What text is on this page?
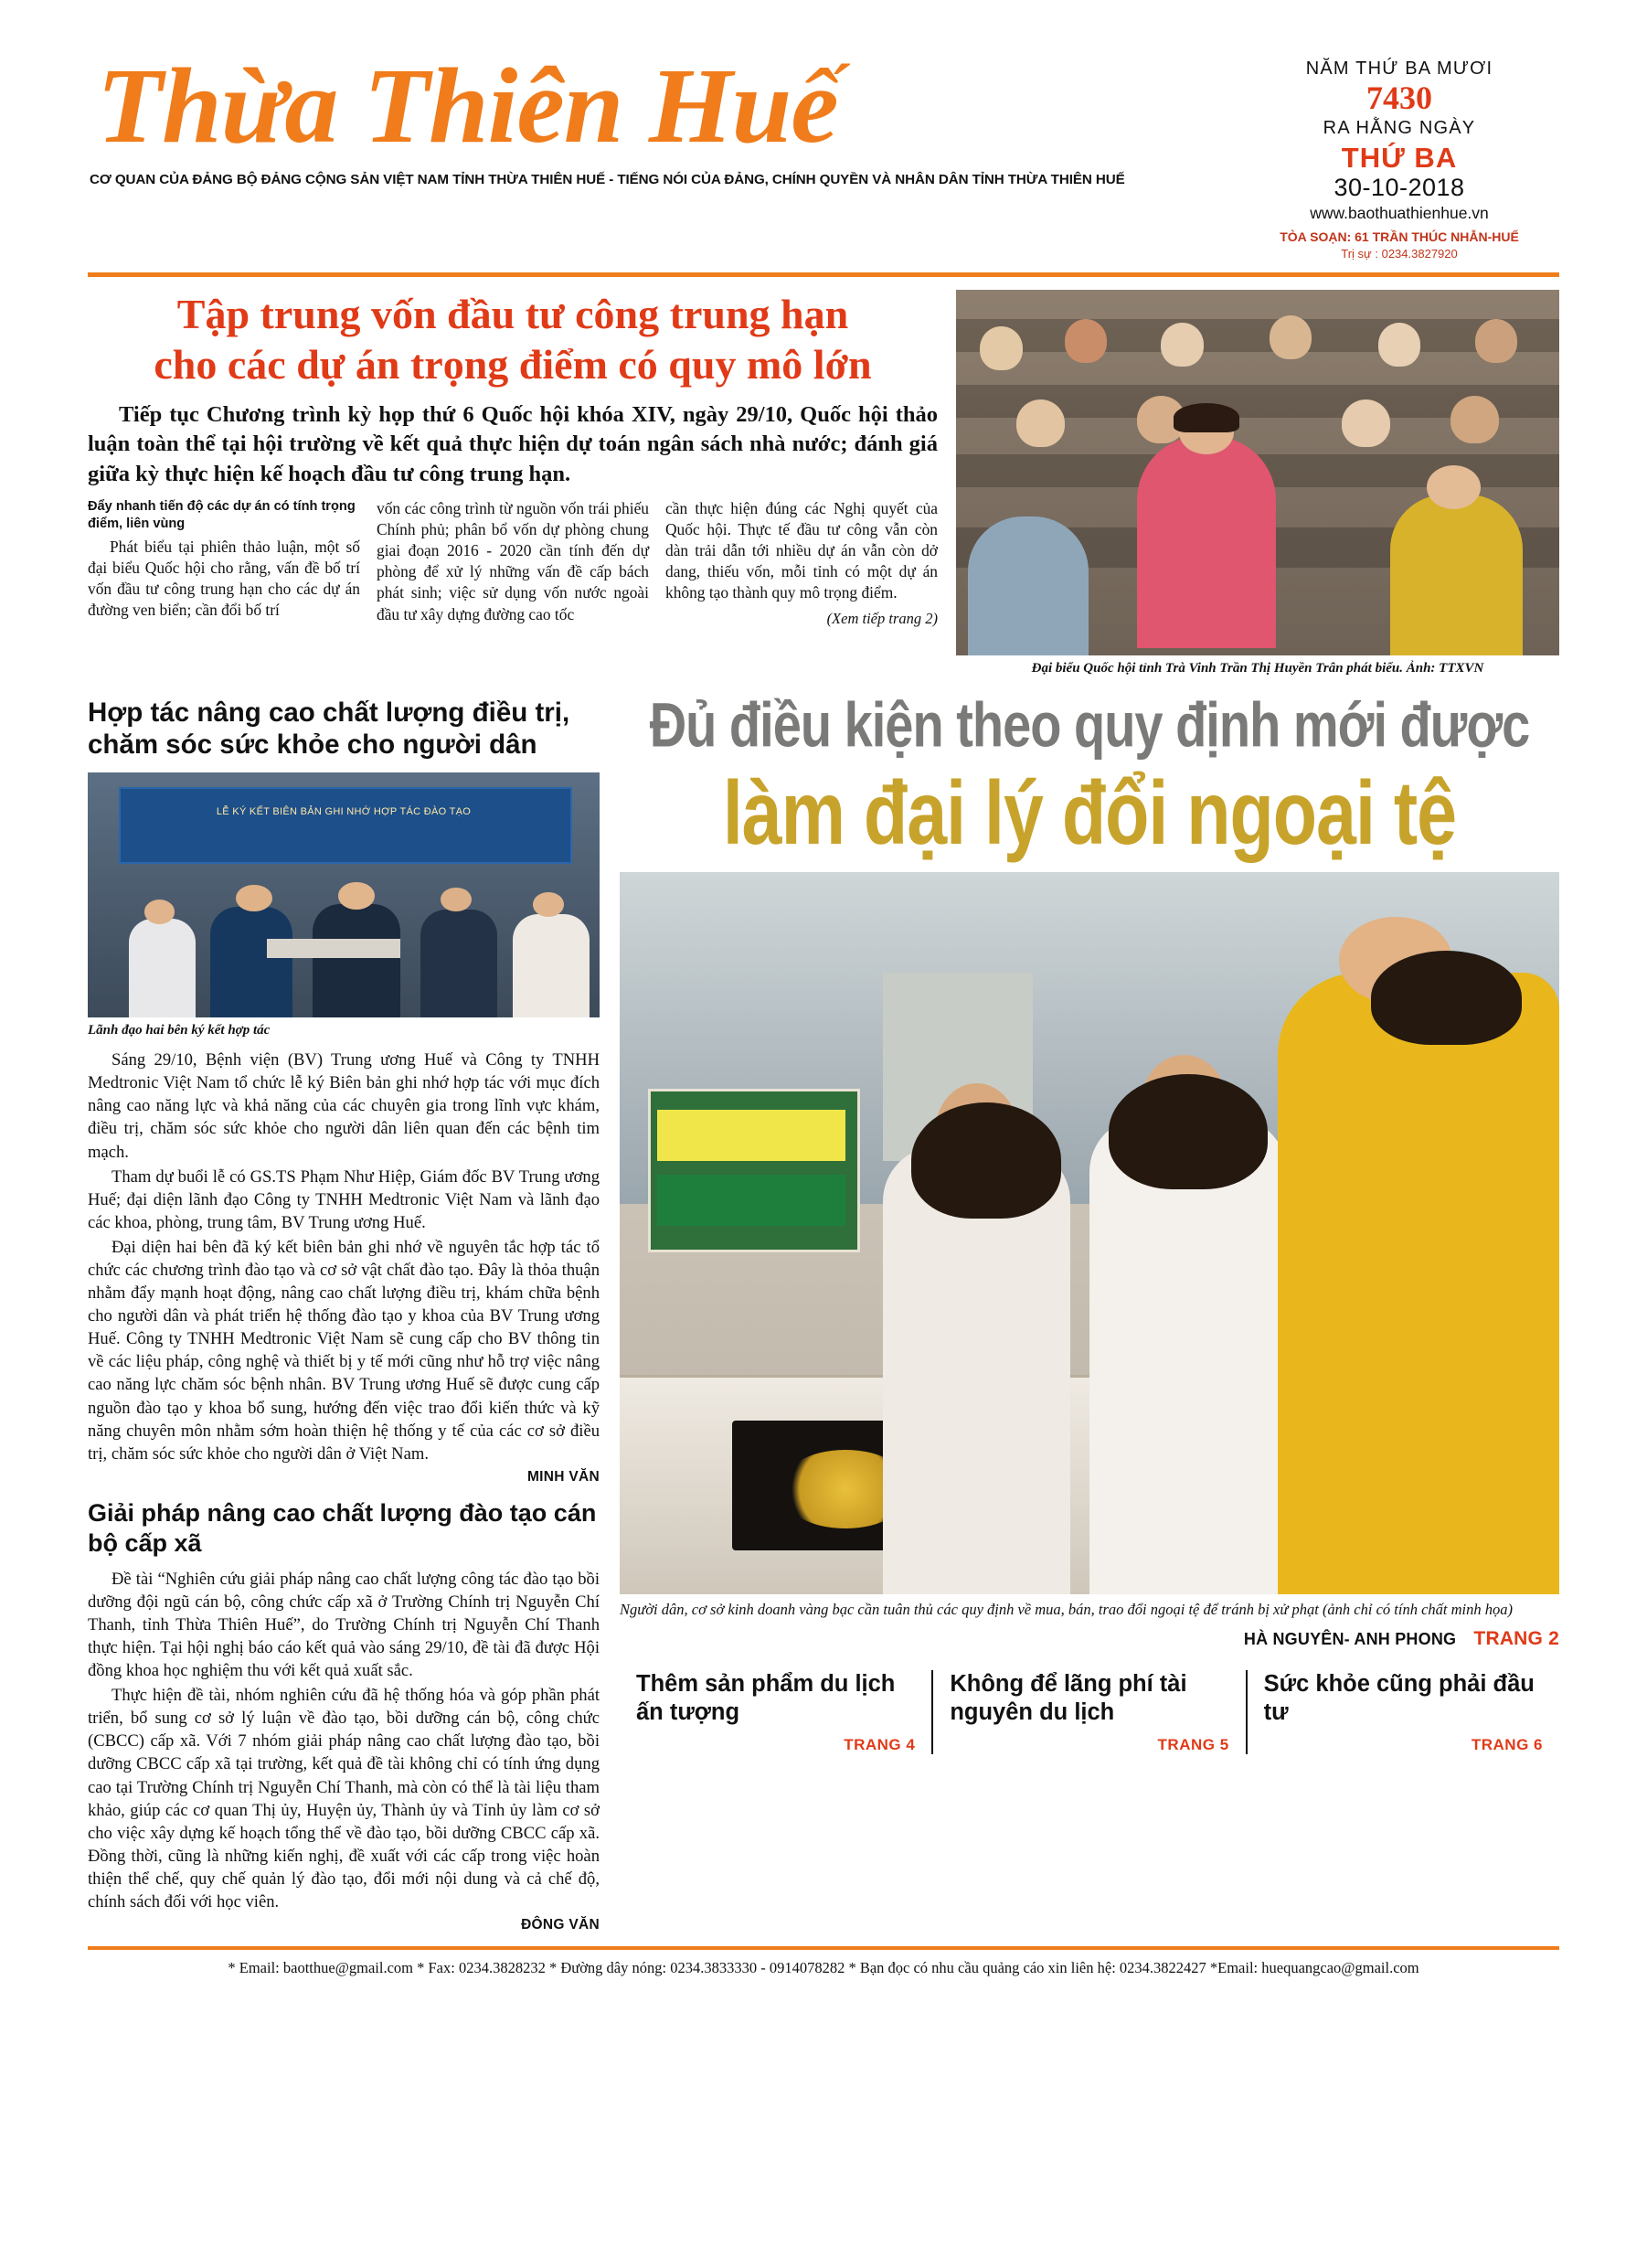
Thừa Thiên Huế
CƠ QUAN CỦA ĐẢNG BỘ ĐẢNG CỘNG SẢN VIỆT NAM TỈNH THỪA THIÊN HUẾ - TIẾNG NÓI CỦA ĐẢNG, CHÍNH QUYỀN VÀ NHÂN DÂN TỈNH THỪA THIÊN HUẾ
NĂM THỨ BA MƯƠI
7430
RA HẰNG NGÀY
THỨ BA
30-10-2018
www.baothuathienhue.vn
TÒA SOẠN: 61 TRẦN THÚC NHẪN-HUẾ
Trị sự : 0234.3827920
Tập trung vốn đầu tư công trung hạn
cho các dự án trọng điểm có quy mô lớn

Tiếp tục Chương trình kỳ họp thứ 6 Quốc hội khóa XIV, ngày 29/10, Quốc hội thảo luận toàn thể tại hội trường về kết quả thực hiện dự toán ngân sách nhà nước; đánh giá giữa kỳ thực hiện kế hoạch đầu tư công trung hạn.

Đẩy nhanh tiến độ các dự án có tính trọng điểm, liên vùng

Phát biểu tại phiên thảo luận, một số đại biểu Quốc hội cho rằng, vấn đề bố trí vốn đầu tư công trung hạn cho các dự án đường ven biển; cần đổi bố trí

vốn các công trình từ nguồn vốn trái phiếu Chính phủ; phân bổ vốn dự phòng chung giai đoạn 2016 - 2020 cần tính đến dự phòng để xử lý những vấn đề cấp bách phát sinh; việc sử dụng vốn nước ngoài đầu tư xây dựng đường cao tốc

cần thực hiện đúng các Nghị quyết của Quốc hội. Thực tế đầu tư công vẫn còn dàn trải dẫn tới nhiều dự án vẫn còn dở dang, thiếu vốn, mỗi tỉnh có một dự án không tạo thành quy mô trọng điểm.

(Xem tiếp trang 2)
Đại biểu Quốc hội tỉnh Trà Vinh Trần Thị Huyền Trân phát biểu. Ảnh: TTXVN
Hợp tác nâng cao chất lượng điều trị, chăm sóc sức khỏe cho người dân
LỄ KÝ KẾT BIÊN BẢN GHI NHỚ HỢP TÁC ĐÀO TẠO
Lãnh đạo hai bên ký kết hợp tác

Sáng 29/10, Bệnh viện (BV) Trung ương Huế và Công ty TNHH Medtronic Việt Nam tổ chức lễ ký Biên bản ghi nhớ hợp tác với mục đích nâng cao năng lực và khả năng của các chuyên gia trong lĩnh vực khám, điều trị, chăm sóc sức khỏe cho người dân liên quan đến các bệnh tim mạch.

Tham dự buổi lễ có GS.TS Phạm Như Hiệp, Giám đốc BV Trung ương Huế; đại diện lãnh đạo Công ty TNHH Medtronic Việt Nam và lãnh đạo các khoa, phòng, trung tâm, BV Trung ương Huế.

Đại diện hai bên đã ký kết biên bản ghi nhớ về nguyên tắc hợp tác tổ chức các chương trình đào tạo và cơ sở vật chất đào tạo. Đây là thỏa thuận nhằm đẩy mạnh hoạt động, nâng cao chất lượng điều trị, khám chữa bệnh cho người dân và phát triển hệ thống đào tạo y khoa của BV Trung ương Huế. Công ty TNHH Medtronic Việt Nam sẽ cung cấp cho BV thông tin về các liệu pháp, công nghệ và thiết bị y tế mới cũng như hỗ trợ việc nâng cao năng lực chăm sóc bệnh nhân. BV Trung ương Huế sẽ được cung cấp nguồn đào tạo y khoa bổ sung, hướng đến việc trao đổi kiến thức và kỹ năng chuyên môn nhằm sớm hoàn thiện hệ thống y tế của các cơ sở điều trị, chăm sóc sức khỏe cho người dân ở Việt Nam.

MINH VĂN
Giải pháp nâng cao chất lượng đào tạo cán bộ cấp xã

Đề tài “Nghiên cứu giải pháp nâng cao chất lượng công tác đào tạo bồi dưỡng đội ngũ cán bộ, công chức cấp xã ở Trường Chính trị Nguyễn Chí Thanh, tỉnh Thừa Thiên Huế”, do Trường Chính trị Nguyễn Chí Thanh thực hiện. Tại hội nghị báo cáo kết quả vào sáng 29/10, đề tài đã được Hội đồng khoa học nghiệm thu với kết quả xuất sắc.

Thực hiện đề tài, nhóm nghiên cứu đã hệ thống hóa và góp phần phát triển, bổ sung cơ sở lý luận về đào tạo, bồi dưỡng cán bộ, công chức (CBCC) cấp xã. Với 7 nhóm giải pháp nâng cao chất lượng đào tạo, bồi dưỡng CBCC cấp xã tại trường, kết quả đề tài không chỉ có tính ứng dụng cao tại Trường Chính trị Nguyễn Chí Thanh, mà còn có thể là tài liệu tham khảo, giúp các cơ quan Thị ủy, Huyện ủy, Thành ủy và Tỉnh ủy làm cơ sở cho việc xây dựng kế hoạch tổng thể về đào tạo, bồi dưỡng CBCC cấp xã. Đồng thời, cũng là những kiến nghị, đề xuất với các cấp trong việc hoàn thiện thể chế, quy chế quản lý đào tạo, đổi mới nội dung và cả chế độ, chính sách đối với học viên.

ĐÔNG VĂN
Đủ điều kiện theo quy định mới được
làm đại lý đổi ngoại tệ
Người dân, cơ sở kinh doanh vàng bạc cần tuân thủ các quy định về mua, bán, trao đổi ngoại tệ để tránh bị xử phạt (ảnh chỉ có tính chất minh họa)
HÀ NGUYÊN- ANH PHONG TRANG 2
Thêm sản phẩm du lịch ấn tượng
TRANG 4
Không để lãng phí tài nguyên du lịch
TRANG 5
Sức khỏe cũng phải đầu tư
TRANG 6
* Email: baotthue@gmail.com * Fax: 0234.3828232 * Đường dây nóng: 0234.3833330 - 0914078282 * Bạn đọc có nhu cầu quảng cáo xin liên hệ: 0234.3822427 *Email: huequangcao@gmail.com
